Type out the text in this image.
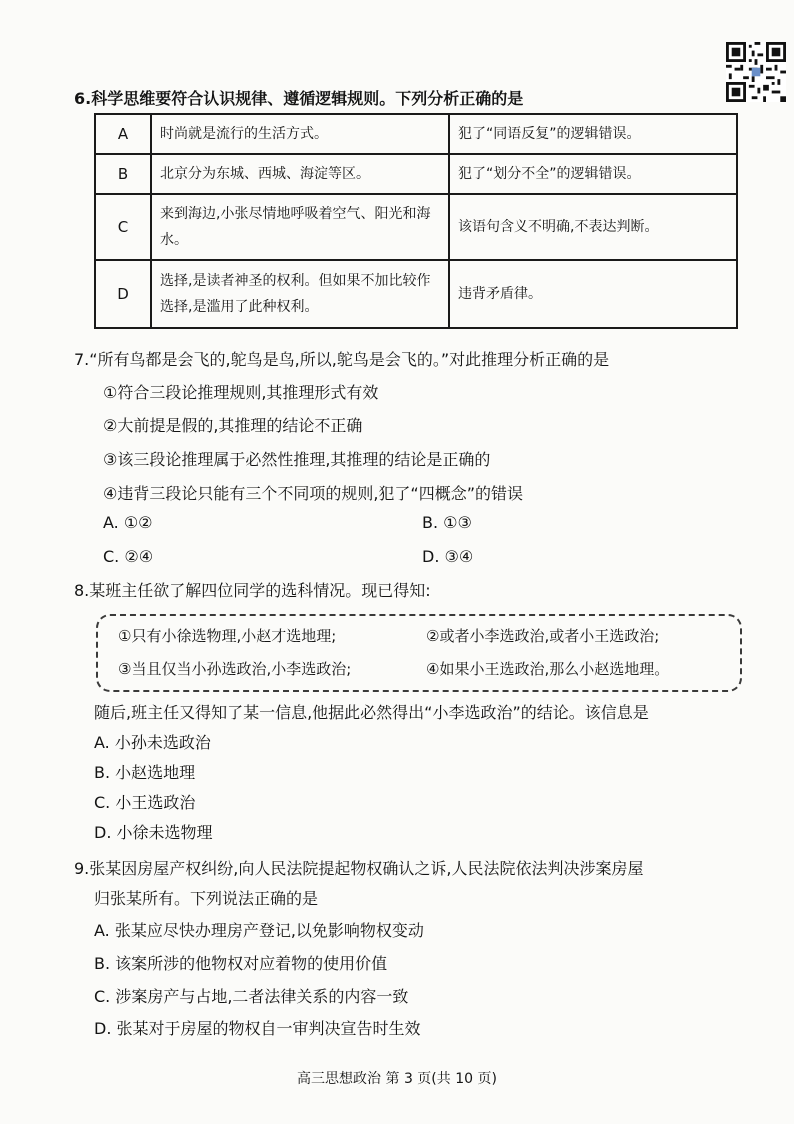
6.科学思维要符合认识规律、遵循逻辑规则。下列分析正确的是
A	时尚就是流行的生活方式。	犯了“同语反复”的逻辑错误。
B	北京分为东城、西城、海淀等区。	犯了“划分不全”的逻辑错误。
C	来到海边,小张尽情地呼吸着空气、阳光和海水。	该语句含义不明确,不表达判断。
D	选择,是读者神圣的权利。但如果不加比较作选择,是滥用了此种权利。	违背矛盾律。
7.“所有鸟都是会飞的,鸵鸟是鸟,所以,鸵鸟是会飞的。”对此推理分析正确的是
①符合三段论推理规则,其推理形式有效
②大前提是假的,其推理的结论不正确
③该三段论推理属于必然性推理,其推理的结论是正确的
④违背三段论只能有三个不同项的规则,犯了“四概念”的错误
A. ①②	B. ①③
C. ②④	D. ③④
8.某班主任欲了解四位同学的选科情况。现已得知:
①只有小徐选物理,小赵才选地理;	②或者小李选政治,或者小王选政治;
③当且仅当小孙选政治,小李选政治;	④如果小王选政治,那么小赵选地理。
随后,班主任又得知了某一信息,他据此必然得出“小李选政治”的结论。该信息是
A. 小孙未选政治
B. 小赵选地理
C. 小王选政治
D. 小徐未选物理
9.张某因房屋产权纠纷,向人民法院提起物权确认之诉,人民法院依法判决涉案房屋
归张某所有。下列说法正确的是
A. 张某应尽快办理房产登记,以免影响物权变动
B. 该案所涉的他物权对应着物的使用价值
C. 涉案房产与占地,二者法律关系的内容一致
D. 张某对于房屋的物权自一审判决宣告时生效
高三思想政治 第 3 页(共 10 页)
